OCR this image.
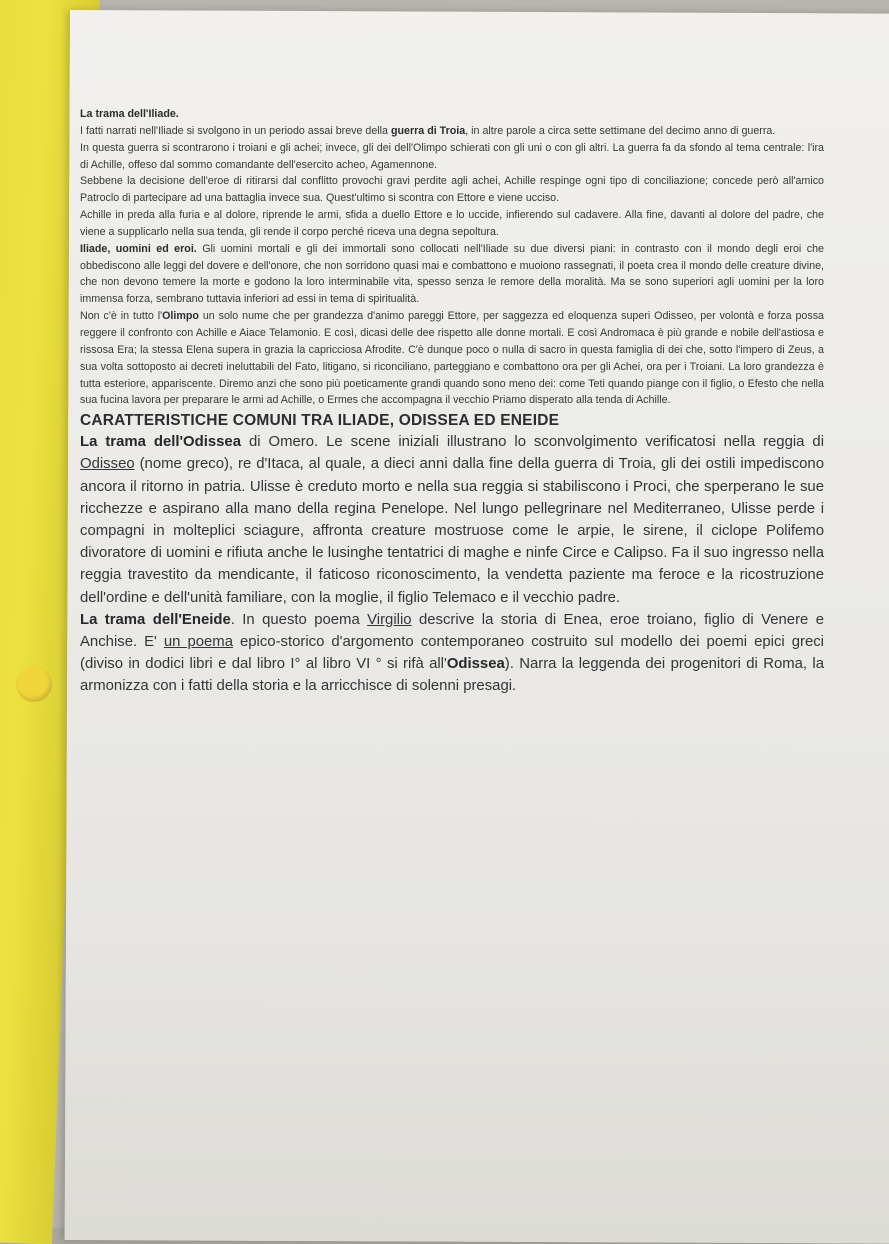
La trama dell'Iliade.

I fatti narrati nell'Iliade si svolgono in un periodo assai breve della guerra di Troia, in altre parole a circa sette settimane del decimo anno di guerra.

In questa guerra si scontrarono i troiani e gli achei; invece, gli dei dell'Olimpo schierati con gli uni o con gli altri. La guerra fa da sfondo al tema centrale: l'ira di Achille, offeso dal sommo comandante dell'esercito acheo, Agamennone.

Sebbene la decisione dell'eroe di ritirarsi dal conflitto provochi gravi perdite agli achei, Achille respinge ogni tipo di conciliazione; concede però all'amico Patroclo di partecipare ad una battaglia invece sua. Quest'ultimo si scontra con Ettore e viene ucciso.

Achille in preda alla furia e al dolore, riprende le armi, sfida a duello Ettore e lo uccide, infierendo sul cadavere. Alla fine, davanti al dolore del padre, che viene a supplicarlo nella sua tenda, gli rende il corpo perché riceva una degna sepoltura.

Iliade, uomini ed eroi. Gli uomini mortali e gli dei immortali sono collocati nell'Iliade su due diversi piani: in contrasto con il mondo degli eroi che obbediscono alle leggi del dovere e dell'onore, che non sorridono quasi mai e combattono e muoiono rassegnati, il poeta crea il mondo delle creature divine, che non devono temere la morte e godono la loro interminabile vita, spesso senza le remore della moralità. Ma se sono superiori agli uomini per la loro immensa forza, sembrano tuttavia inferiori ad essi in tema di spiritualità.

Non c'è in tutto l'Olimpo un solo nume che per grandezza d'animo pareggi Ettore, per saggezza ed eloquenza superi Odisseo, per volontà e forza possa reggere il confronto con Achille e Aiace Telamonio. E così, dicasi delle dee rispetto alle donne mortali. E così Andromaca è più grande e nobile dell'astiosa e rissosa Era; la stessa Elena supera in grazia la capricciosa Afrodite. C'è dunque poco o nulla di sacro in questa famiglia di dei che, sotto l'impero di Zeus, a sua volta sottoposto ai decreti ineluttabili del Fato, litigano, si riconciliano, parteggiano e combattono ora per gli Achei, ora per i Troiani. La loro grandezza è tutta esteriore, appariscente. Diremo anzi che sono più poeticamente grandi quando sono meno dei: come Teti quando piange con il figlio, o Efesto che nella sua fucina lavora per preparare le armi ad Achille, o Ermes che accompagna il vecchio Priamo disperato alla tenda di Achille.

CARATTERISTICHE COMUNI TRA ILIADE, ODISSEA ED ENEIDE

La trama dell'Odissea di Omero. Le scene iniziali illustrano lo sconvolgimento verificatosi nella reggia di Odisseo (nome greco), re d'Itaca, al quale, a dieci anni dalla fine della guerra di Troia, gli dei ostili impediscono ancora il ritorno in patria. Ulisse è creduto morto e nella sua reggia si stabiliscono i Proci, che sperperano le sue ricchezze e aspirano alla mano della regina Penelope. Nel lungo pellegrinare nel Mediterraneo, Ulisse perde i compagni in molteplici sciagure, affronta creature mostruose come le arpie, le sirene, il ciclope Polifemo divoratore di uomini e rifiuta anche le lusinghe tentatrici di maghe e ninfe Circe e Calipso. Fa il suo ingresso nella reggia travestito da mendicante, il faticoso riconoscimento, la vendetta paziente ma feroce e la ricostruzione dell'ordine e dell'unità familiare, con la moglie, il figlio Telemaco e il vecchio padre.

La trama dell'Eneide. In questo poema Virgilio descrive la storia di Enea, eroe troiano, figlio di Venere e Anchise. E' un poema epico-storico d'argomento contemporaneo costruito sul modello dei poemi epici greci (diviso in dodici libri e dal libro I° al libro VI ° si rifà all'Odissea). Narra la leggenda dei progenitori di Roma, la armonizza con i fatti della storia e la arricchisce di solenni presagi.
